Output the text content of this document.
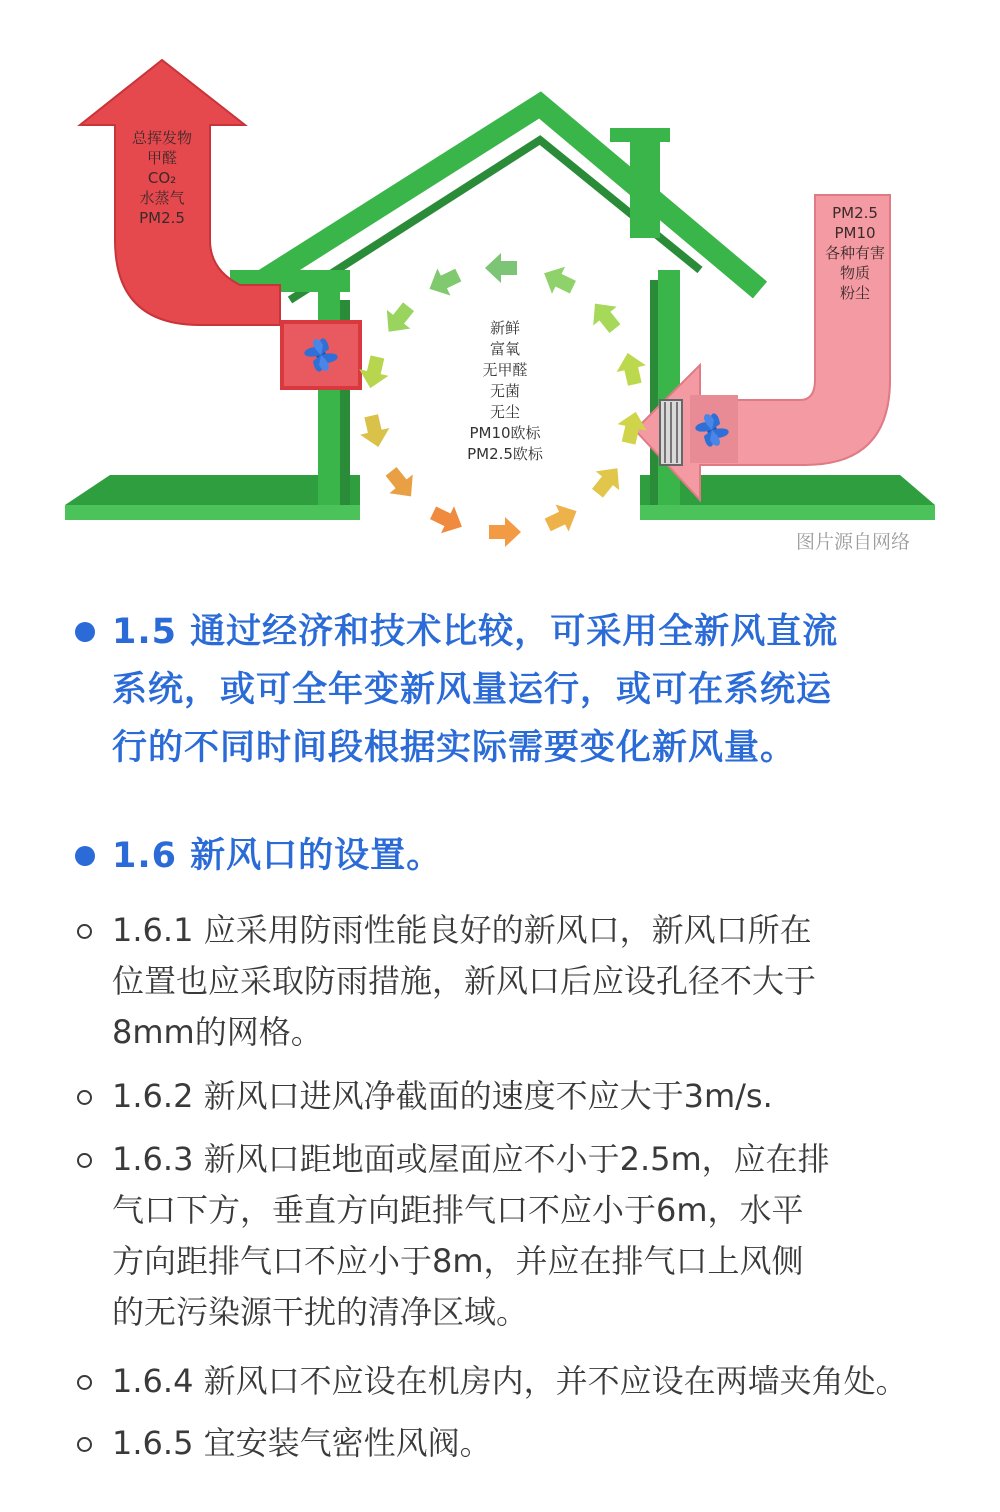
总挥发物
甲醛
CO₂
水蒸气
PM2.5	PM2.5
PM10
各种有害
物质
粉尘
新鲜
富氧
无甲醛
无菌
无尘
PM10欧标
PM2.5欧标
图片源自网络
1.5 通过经济和技术比较，可采用全新风直流
系统，或可全年变新风量运行，或可在系统运
行的不同时间段根据实际需要变化新风量。
1.6 新风口的设置。
1.6.1 应采用防雨性能良好的新风口，新风口所在
位置也应采取防雨措施，新风口后应设孔径不大于
8mm的网格。
1.6.2 新风口进风净截面的速度不应大于3m/s.
1.6.3 新风口距地面或屋面应不小于2.5m，应在排
气口下方，垂直方向距排气口不应小于6m，水平
方向距排气口不应小于8m，并应在排气口上风侧
的无污染源干扰的清净区域。
1.6.4 新风口不应设在机房内，并不应设在两墙夹角处。
1.6.5 宜安装气密性风阀。
